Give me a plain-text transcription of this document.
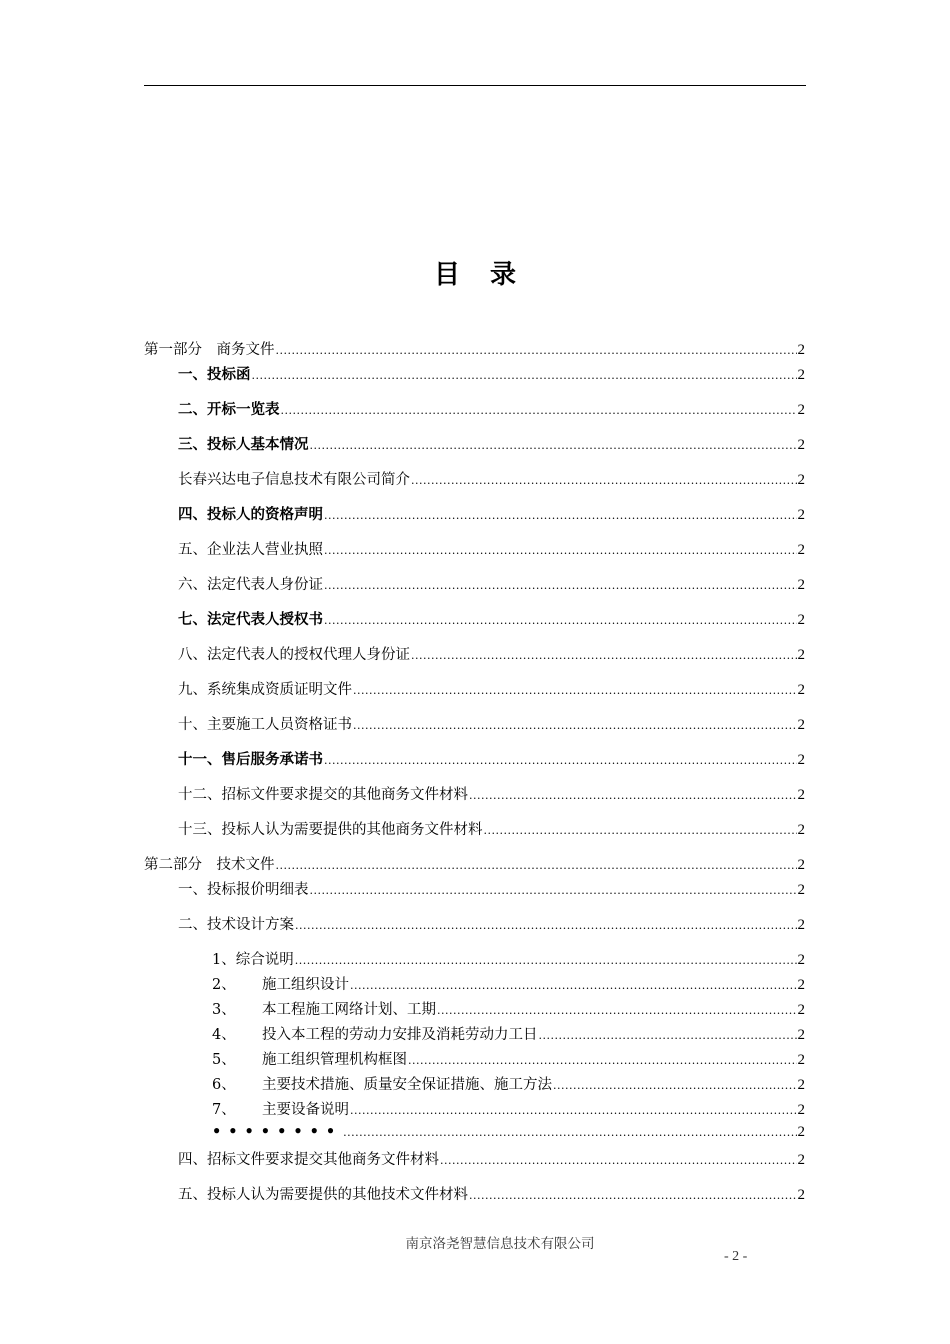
目 录
第一部分　商务文件 .....	2
一、投标函 .....	2
二、开标一览表 .....	2
三、投标人基本情况 .....	2
长春兴达电子信息技术有限公司简介 .....	2
四、投标人的资格声明 .....	2
五、企业法人营业执照 .....	2
六、法定代表人身份证 .....	2
七、法定代表人授权书 .....	2
八、法定代表人的授权代理人身份证 .....	2
九、系统集成资质证明文件 .....	2
十、主要施工人员资格证书 .....	2
十一、售后服务承诺书 .....	2
十二、招标文件要求提交的其他商务文件材料 .....	2
十三、投标人认为需要提供的其他商务文件材料 .....	2
第二部分　技术文件 .....	2
一、投标报价明细表 .....	2
二、技术设计方案 .....	2
1、综合说明 .....	2
2、 施工组织设计 .....	2
3、 本工程施工网络计划、工期 .....	2
4、 投入本工程的劳动力安排及消耗劳动力工日 .....	2
5、 施工组织管理机构框图 .....	2
6、 主要技术措施、质量安全保证措施、施工方法 .....	2
7、 主要设备说明 .....	2
•••••••• .....	2
四、招标文件要求提交其他商务文件材料 .....	2
五、投标人认为需要提供的其他技术文件材料 .....	2
南京洛尧智慧信息技术有限公司
- 2 -
